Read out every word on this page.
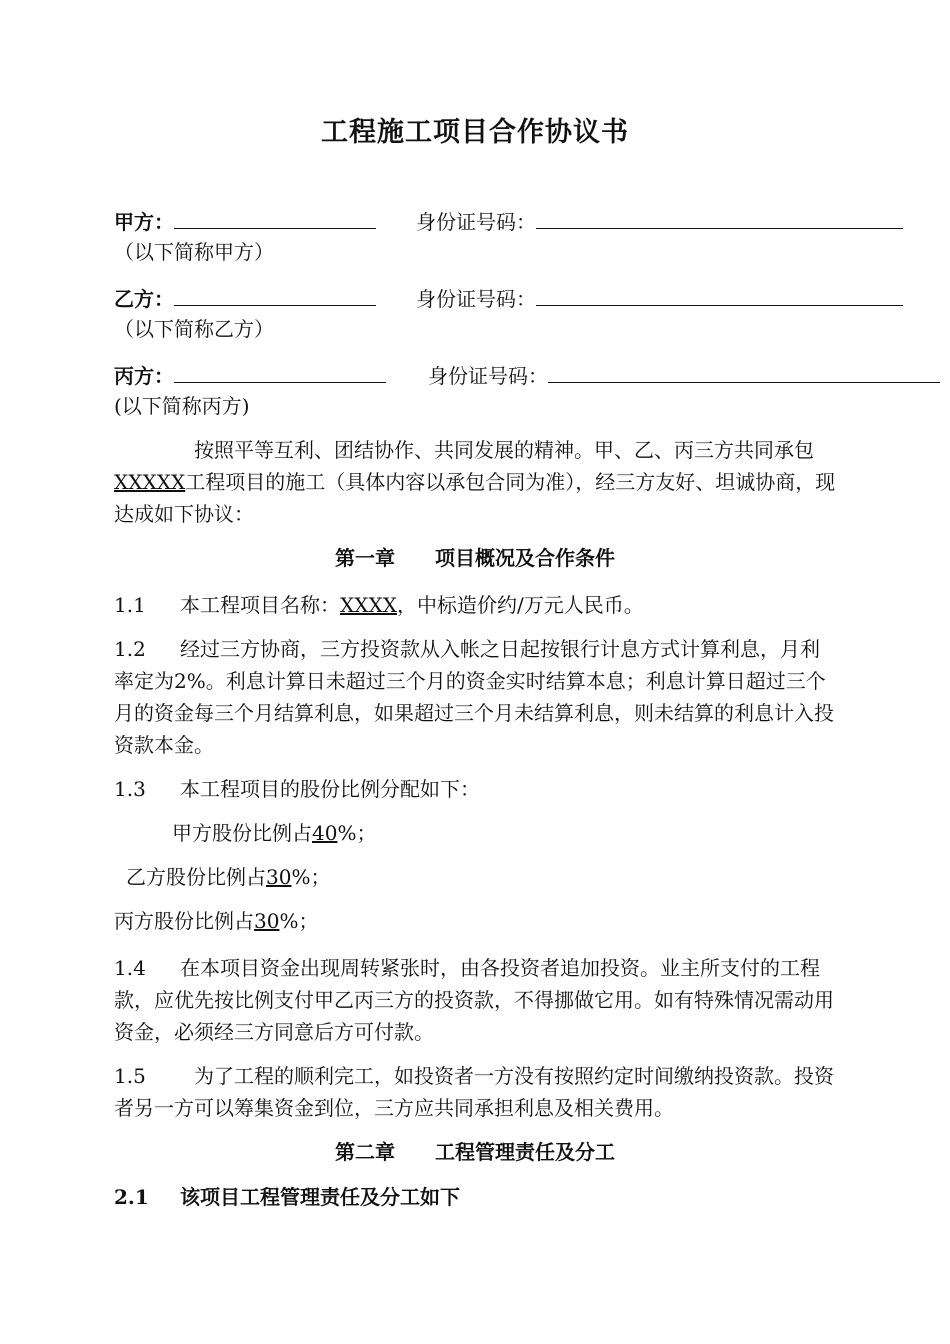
工程施工项目合作协议书
甲方：	身份证号码：
（以下简称甲方）
乙方：	身份证号码：
（以下简称乙方）
丙方：	身份证号码：
(以下简称丙方)
按照平等互利、团结协作、共同发展的精神。甲、乙、丙三方共同承包XXXXX工程项目的施工（具体内容以承包合同为准），经三方友好、坦诚协商，现达成如下协议：
第一章 项目概况及合作条件
1.1 本工程项目名称：XXXX，中标造价约/万元人民币。
1.2 经过三方协商，三方投资款从入帐之日起按银行计息方式计算利息，月利率定为2%。利息计算日未超过三个月的资金实时结算本息；利息计算日超过三个月的资金每三个月结算利息，如果超过三个月未结算利息，则未结算的利息计入投资款本金。
1.3 本工程项目的股份比例分配如下：
甲方股份比例占40%；
乙方股份比例占30%；
丙方股份比例占30%；
1.4 在本项目资金出现周转紧张时，由各投资者追加投资。业主所支付的工程款，应优先按比例支付甲乙丙三方的投资款，不得挪做它用。如有特殊情况需动用资金，必须经三方同意后方可付款。
1.5 为了工程的顺利完工，如投资者一方没有按照约定时间缴纳投资款。投资者另一方可以筹集资金到位，三方应共同承担利息及相关费用。
第二章 工程管理责任及分工
2.1 该项目工程管理责任及分工如下
